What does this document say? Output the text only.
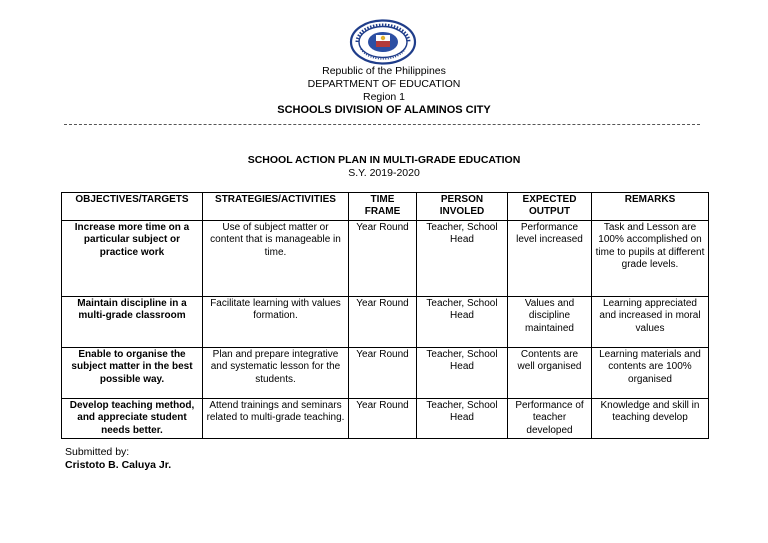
Republic of the Philippines
DEPARTMENT OF EDUCATION
Region 1
SCHOOLS DIVISION OF ALAMINOS CITY
SCHOOL ACTION PLAN IN MULTI-GRADE EDUCATION
S.Y. 2019-2020
OBJECTIVES/TARGETS	STRATEGIES/ACTIVITIES	TIME FRAME	PERSON INVOLED	EXPECTED OUTPUT	REMARKS
Increase more time on a particular subject or practice work	Use of subject matter or content that is manageable in time.	Year Round	Teacher, School Head	Performance level increased	Task and Lesson are 100% accomplished on time to pupils at different grade levels.
Maintain discipline in a multi-grade classroom	Facilitate learning with values formation.	Year Round	Teacher, School Head	Values and discipline maintained	Learning appreciated and increased in moral values
Enable to organise the subject matter in the best possible way.	Plan and prepare integrative and systematic lesson for the students.	Year Round	Teacher, School Head	Contents are well organised	Learning materials and contents are 100% organised
Develop teaching method, and appreciate student needs better.	Attend trainings and seminars related to multi-grade teaching.	Year Round	Teacher, School Head	Performance of teacher developed	Knowledge and skill in teaching develop
Submitted by:
Cristoto B. Caluya Jr.
